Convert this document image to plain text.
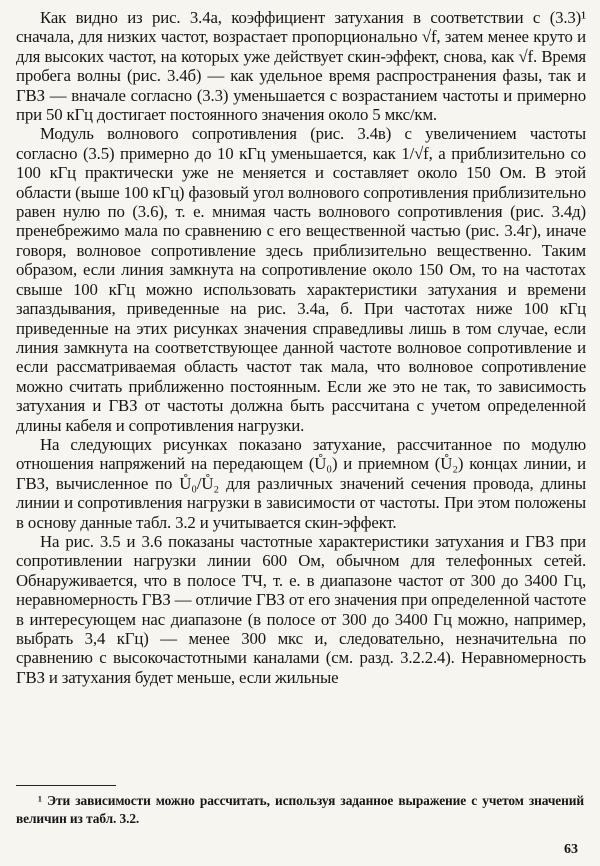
Как видно из рис. 3.4а, коэффициент затухания в соответствии с (3.3)¹ сначала, для низких частот, возрастает пропорционально √f, затем менее круто и для высоких частот, на которых уже действует скин-эффект, снова, как √f. Время пробега волны (рис. 3.4б) — как удельное время распространения фазы, так и ГВЗ — вначале согласно (3.3) уменьшается с возрастанием частоты и примерно при 50 кГц достигает постоянного значения около 5 мкс/км.

Модуль волнового сопротивления (рис. 3.4в) с увеличением частоты согласно (3.5) примерно до 10 кГц уменьшается, как 1/√f, а приблизительно со 100 кГц практически уже не меняется и составляет около 150 Ом. В этой области (выше 100 кГц) фазовый угол волнового сопротивления приблизительно равен нулю по (3.6), т. е. мнимая часть волнового сопротивления (рис. 3.4д) пренебрежимо мала по сравнению с его вещественной частью (рис. 3.4г), иначе говоря, волновое сопротивление здесь приблизительно вещественно. Таким образом, если линия замкнута на сопротивление около 150 Ом, то на частотах свыше 100 кГц можно использовать характеристики затухания и времени запаздывания, приведенные на рис. 3.4а, б. При частотах ниже 100 кГц приведенные на этих рисунках значения справедливы лишь в том случае, если линия замкнута на соответствующее данной частоте волновое сопротивление и если рассматриваемая область частот так мала, что волновое сопротивление можно считать приближенно постоянным. Если же это не так, то зависимость затухания и ГВЗ от частоты должна быть рассчитана с учетом определенной длины кабеля и сопротивления нагрузки.

На следующих рисунках показано затухание, рассчитанное по модулю отношения напряжений на передающем (Ů₀) и приемном (Ů₂) концах линии, и ГВЗ, вычисленное по Ů₀/Ů₂ для различных значений сечения провода, длины линии и сопротивления нагрузки в зависимости от частоты. При этом положены в основу данные табл. 3.2 и учитывается скин-эффект.

На рис. 3.5 и 3.6 показаны частотные характеристики затухания и ГВЗ при сопротивлении нагрузки линии 600 Ом, обычном для телефонных сетей. Обнаруживается, что в полосе ТЧ, т. е. в диапазоне частот от 300 до 3400 Гц, неравномерность ГВЗ — отличие ГВЗ от его значения при определенной частоте в интересующем нас диапазоне (в полосе от 300 до 3400 Гц можно, например, выбрать 3,4 кГц) — менее 300 мкс и, следовательно, незначительна по сравнению с высокочастотными каналами (см. разд. 3.2.2.4). Неравномерность ГВЗ и затухания будет меньше, если жильные

¹ Эти зависимости можно рассчитать, используя заданное выражение с учетом значений величин из табл. 3.2.

63
